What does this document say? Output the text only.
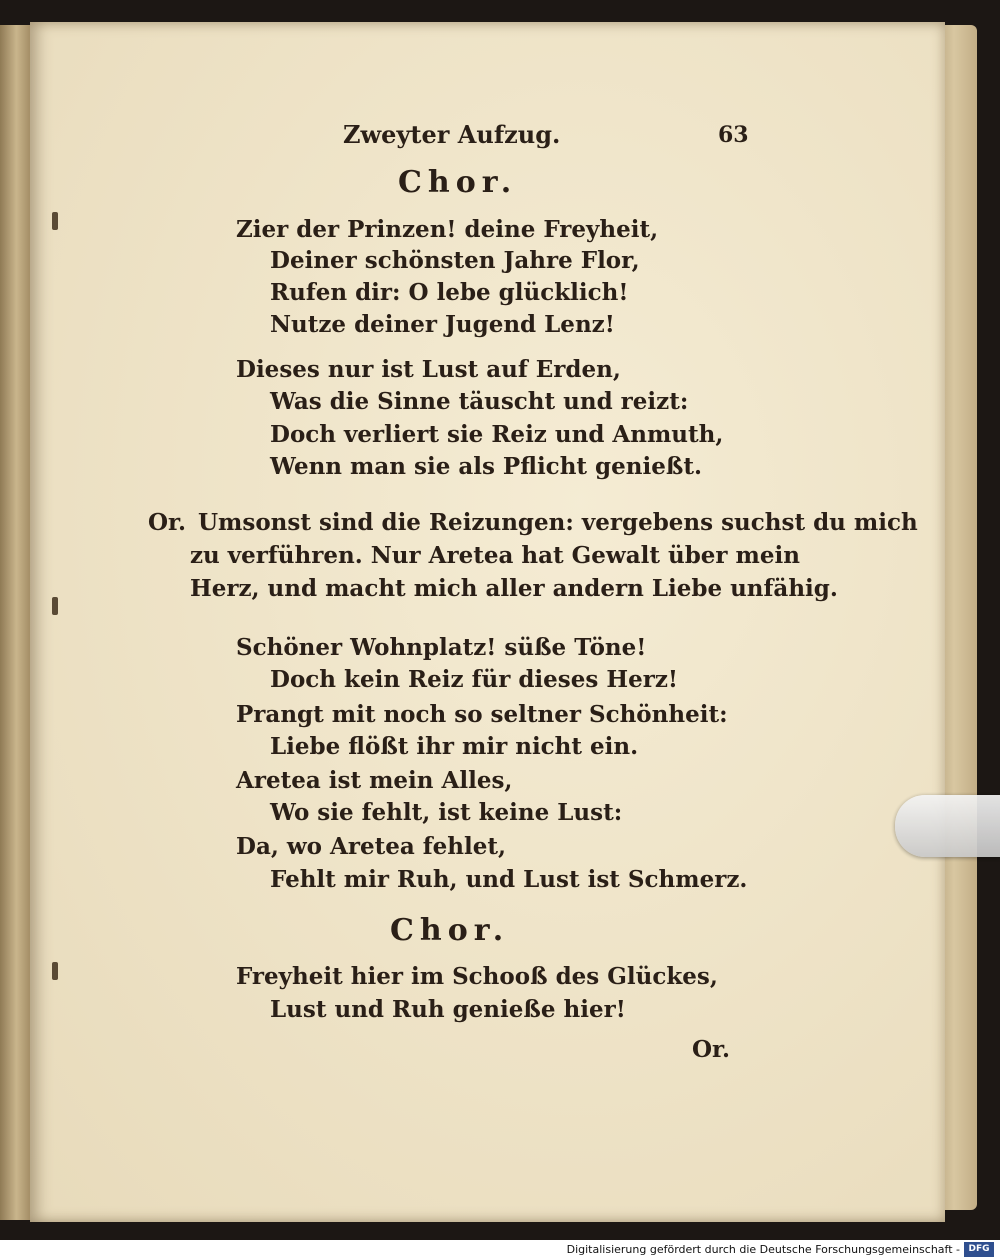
Zweyter Aufzug.	63
Chor.
Zier der Prinzen! deine Freyheit,
Deiner schönsten Jahre Flor,
Rufen dir: O lebe glücklich!
Nutze deiner Jugend Lenz!
Dieses nur ist Lust auf Erden,
Was die Sinne täuscht und reizt:
Doch verliert sie Reiz und Anmuth,
Wenn man sie als Pflicht genießt.
Or. Umsonst sind die Reizungen: vergebens suchst du mich
zu verführen. Nur Aretea hat Gewalt über mein
Herz, und macht mich aller andern Liebe unfähig.
Schöner Wohnplatz! süße Töne!
Doch kein Reiz für dieses Herz!
Prangt mit noch so seltner Schönheit:
Liebe flößt ihr mir nicht ein.
Aretea ist mein Alles,
Wo sie fehlt, ist keine Lust:
Da, wo Aretea fehlet,
Fehlt mir Ruh, und Lust ist Schmerz.
Chor.
Freyheit hier im Schooß des Glückes,
Lust und Ruh genieße hier!
Or.
Digitalisierung gefördert durch die Deutsche Forschungsgemeinschaft - DFG
